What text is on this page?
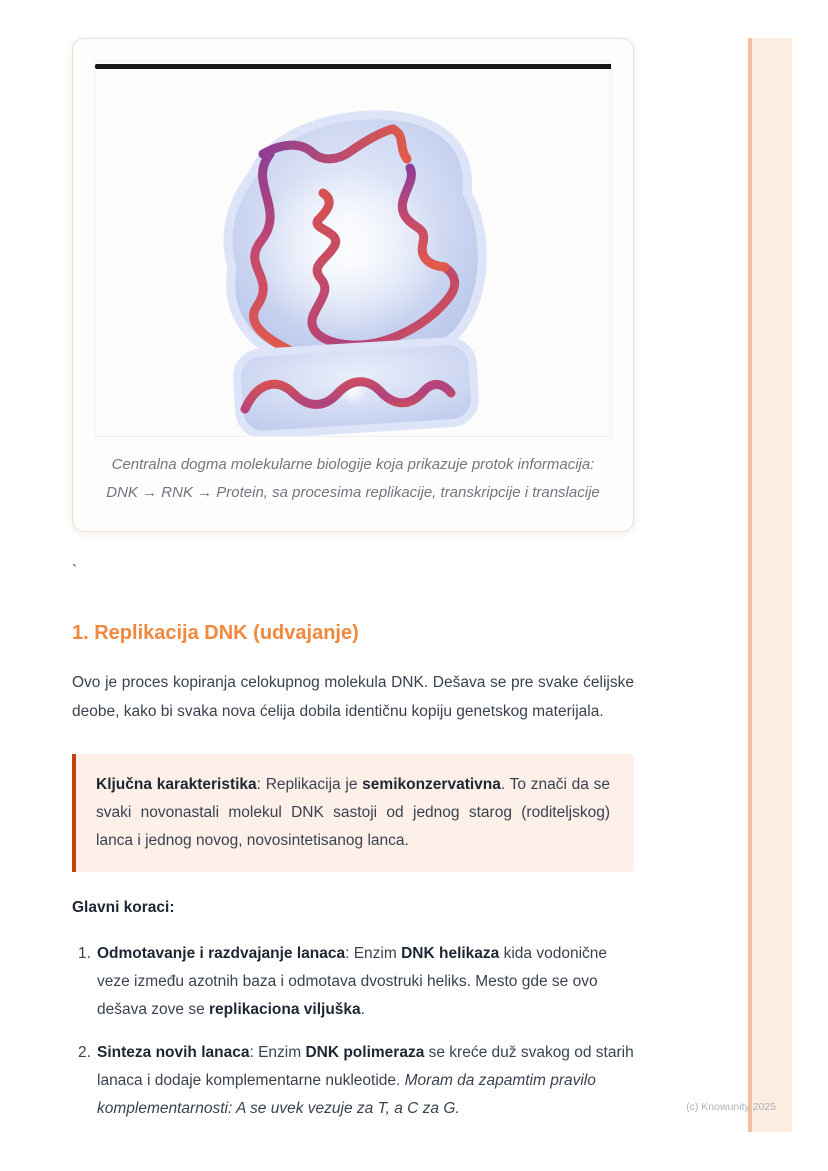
Centralna dogma molekularne biologije koja prikazuje protok informacija:
DNK → RNK → Protein, sa procesima replikacije, transkripcije i translacije
`
1. Replikacija DNK (udvajanje)

Ovo je proces kopiranja celokupnog molekula DNK. Dešava se pre svake ćelijske deobe, kako bi svaka nova ćelija dobila identičnu kopiju genetskog materijala.

Ključna karakteristika: Replikacija je semikonzervativna. To znači da se svaki novonastali molekul DNK sastoji od jednog starog (roditeljskog) lanca i jednog novog, novosintetisanog lanca.

Glavni koraci:

1. Odmotavanje i razdvajanje lanaca: Enzim DNK helikaza kida vodonične veze između azotnih baza i odmotava dvostruki heliks. Mesto gde se ovo dešava zove se replikaciona viljuška.
2. Sinteza novih lanaca: Enzim DNK polimeraza se kreće duž svakog od starih lanaca i dodaje komplementarne nukleotide. Moram da zapamtim pravilo komplementarnosti: A se uvek vezuje za T, a C za G.	(c) Knowunity 2025
